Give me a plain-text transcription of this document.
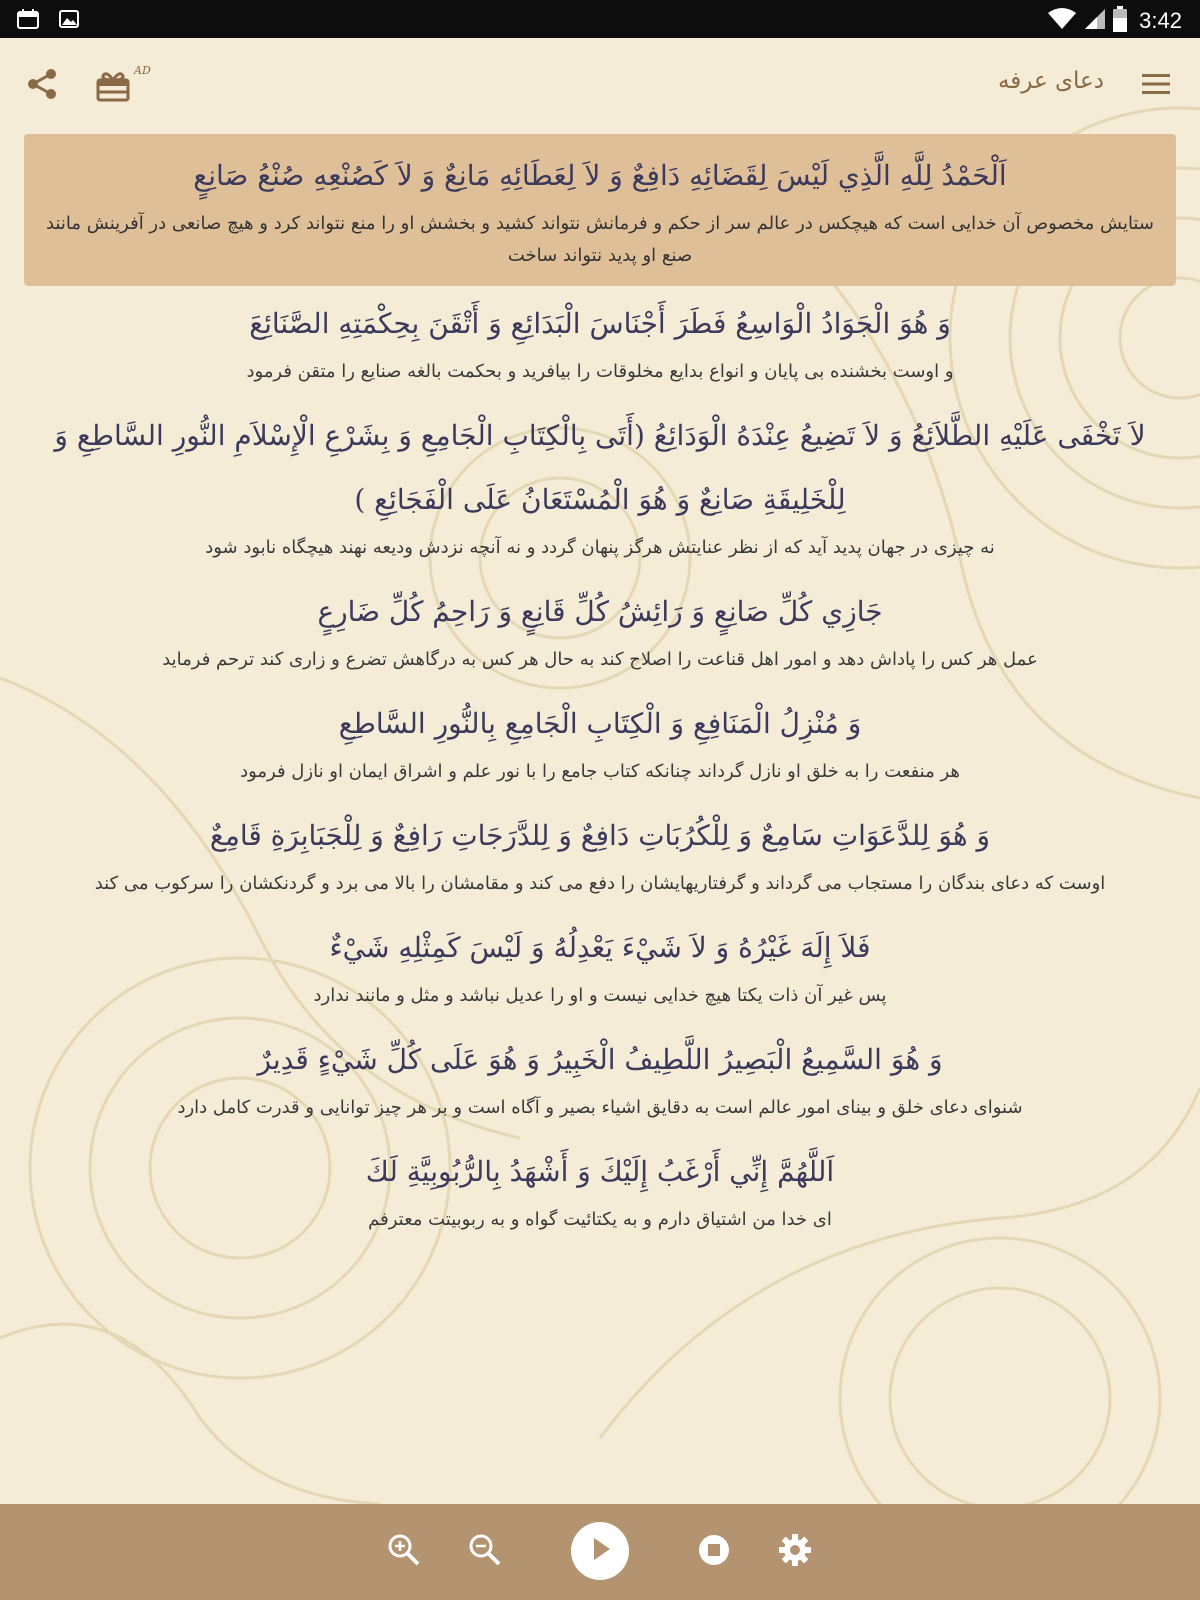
3:42
AD	دعای عرفه
اَلْحَمْدُ لِلَّهِ الَّذِي لَيْسَ لِقَضَائِهِ دَافِعٌ وَ لاَ لِعَطَائِهِ مَانِعٌ وَ لاَ كَصُنْعِهِ صُنْعُ صَانِعٍ
ستایش مخصوص آن خدایی است که هیچکس در عالم سر از حکم و فرمانش نتواند کشید و بخشش او را منع نتواند کرد و هیچ صانعی در آفرینش مانند صنع او پدید نتواند ساخت
وَ هُوَ الْجَوَادُ الْوَاسِعُ فَطَرَ أَجْنَاسَ الْبَدَائِعِ وَ أَتْقَنَ بِحِكْمَتِهِ الصَّنَائِعَ
و اوست بخشنده بی پایان و انواع بدایع مخلوقات را بیافرید و بحکمت بالغه صنایع را متقن فرمود
لاَ تَخْفَى عَلَيْهِ الطَّلاَئِعُ وَ لاَ تَضِيعُ عِنْدَهُ الْوَدَائِعُ (أَتَى بِالْكِتَابِ الْجَامِعِ وَ بِشَرْعِ الْإِسْلاَمِ النُّورِ السَّاطِعِ وَ لِلْخَلِيقَةِ صَانِعٌ وَ هُوَ الْمُسْتَعَانُ عَلَى الْفَجَائِعِ )
نه چیزی در جهان پدید آید که از نظر عنایتش هرگز پنهان گردد و نه آنچه نزدش ودیعه نهند هیچگاه نابود شود
جَازِي كُلِّ صَانِعٍ وَ رَائِشُ كُلِّ قَانِعٍ وَ رَاحِمُ كُلِّ ضَارِعٍ
عمل هر کس را پاداش دهد و امور اهل قناعت را اصلاح کند به حال هر کس به درگاهش تضرع و زاری کند ترحم فرماید
وَ مُنْزِلُ الْمَنَافِعِ وَ الْكِتَابِ الْجَامِعِ بِالنُّورِ السَّاطِعِ
هر منفعت را به خلق او نازل گرداند چنانکه کتاب جامع را با نور علم و اشراق ایمان او نازل فرمود
وَ هُوَ لِلدَّعَوَاتِ سَامِعٌ وَ لِلْكُرُبَاتِ دَافِعٌ وَ لِلدَّرَجَاتِ رَافِعٌ وَ لِلْجَبَابِرَةِ قَامِعٌ
اوست که دعای بندگان را مستجاب می گرداند و گرفتاریهایشان را دفع می کند و مقامشان را بالا می برد و گردنکشان را سرکوب می کند
فَلاَ إِلَهَ غَيْرُهُ وَ لاَ شَيْءَ يَعْدِلُهُ وَ لَيْسَ كَمِثْلِهِ شَيْءٌ
پس غیر آن ذات یکتا هیچ خدایی نیست و او را عدیل نباشد و مثل و مانند ندارد
وَ هُوَ السَّمِيعُ الْبَصِيرُ اللَّطِيفُ الْخَبِيرُ وَ هُوَ عَلَى كُلِّ شَيْءٍ قَدِيرٌ
شنوای دعای خلق و بینای امور عالم است به دقایق اشیاء بصیر و آگاه است و بر هر چیز توانایی و قدرت کامل دارد
اَللَّهُمَّ إِنِّي أَرْغَبُ إِلَيْكَ وَ أَشْهَدُ بِالرُّبُوبِيَّةِ لَكَ
ای خدا من اشتیاق دارم و به یکتائیت گواه و به ربوبیتت معترفم
